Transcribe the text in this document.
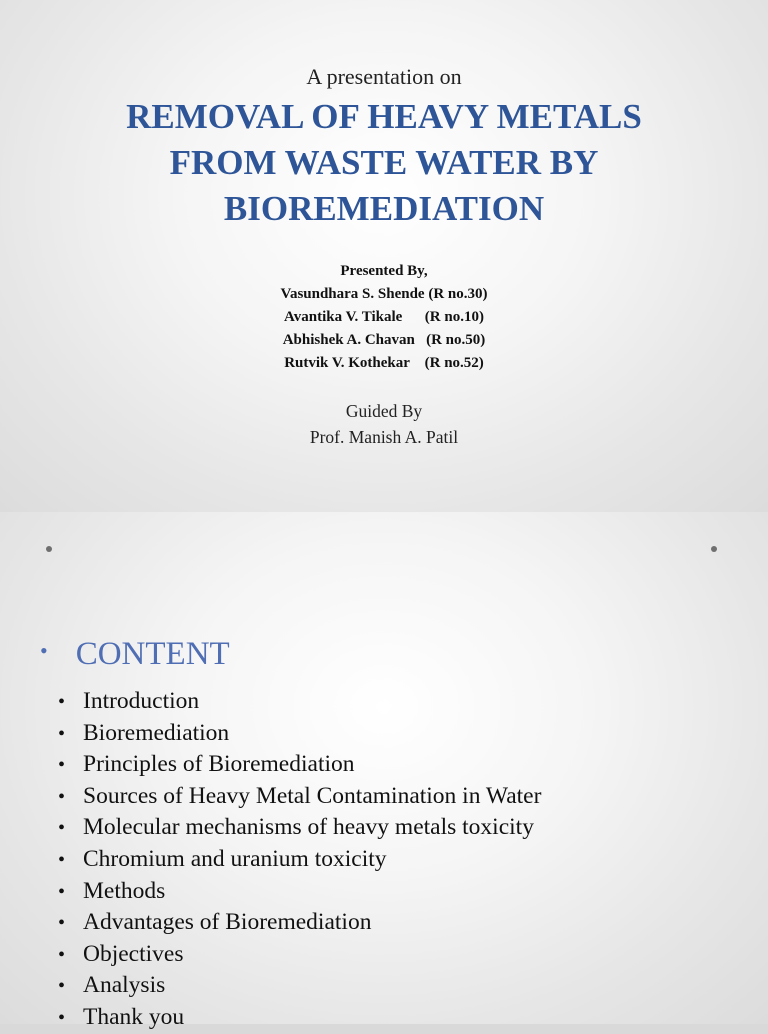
A presentation on
REMOVAL OF HEAVY METALS
FROM WASTE WATER BY
BIOREMEDIATION
Presented By,
Vasundhara S. Shende (R no.30)
Avantika V. Tikale      (R no.10)
Abhishek A. Chavan   (R no.50)
Rutvik V. Kothekar    (R no.52)
Guided By
Prof. Manish A. Patil
• CONTENT
• Introduction
• Bioremediation
• Principles of Bioremediation
• Sources of Heavy Metal Contamination in Water
• Molecular mechanisms of heavy metals toxicity
• Chromium and uranium toxicity
• Methods
• Advantages of Bioremediation
• Objectives
• Analysis
• Thank you
